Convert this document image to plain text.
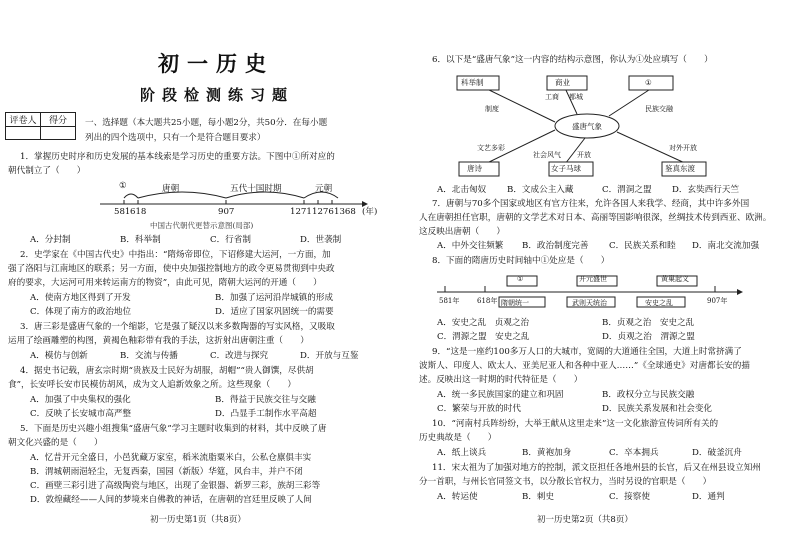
初一历史
阶段检测练习题
评卷人	得分
	一、选择题（本大题共25小题，每小题2分，共50分．在每小题
列出的四个选项中，只有一个是符合题目要求）
1．掌握历史时序和历史发展的基本线索是学习历史的重要方法。下图中①所对应的
朝代制立了（　　）
①	唐朝	五代十国时期	元朝
581 618	907	1271 1276 1368 (年)
中国古代朝代更替示意图(局部)
A．分封制	B．科举制	C．行省制	D．世袭制
2．史学家在《中国古代史》中指出：“隋炀帝即位，下诏修建大运河，一方面，加
强了洛阳与江南地区的联系；另一方面，使中央加强控制地方的政令更易贯彻到中央政
府的要求，大运河可用来转运南方的物资”，由此可见，隋朝大运河的开通（　　）
A．使南方地区得到了开发	B．加强了运河沿岸城镇的形成
C．体现了南方的政治地位	D．适应了国家巩固统一的需要
3．唐三彩是盛唐气象的一个缩影，它是强了疑汉以来多数陶器的写实风格，又吸取
运用了绘画雕塑的构图，黄褐色釉彩带有我的手法，这折射出唐朝注重（　　）
A．模仿与创新	B．交流与传播	C．改进与探究	D．开放与互鉴
4．据史书记载，唐玄宗时期“贵族及士民好为胡服，胡帽”“贵人御馔，尽供胡
食”，长安呼长安市民模仿胡风，成为文人追新效象之所。这些现象（　　）
A．加强了中央集权的强化	B．得益于民族交往与交融
C．反映了长安城市高严整	D．凸显手工制作水平高超
5．下面是历史兴趣小组搜集“盛唐气象”学习主题时收集到的材料，其中反映了唐
朝文化兴盛的是（　　）
A．忆昔开元全盛日，小邑犹藏万家室，稻米流脂粟米白，公私仓廪俱丰实
B．渭城朝雨浥轻尘，无复西秦，国园（新版）华筵，风台丰，并户不闭
C．画壁三彩引进了高级陶瓷与地区，出现了金银器、新罗三彩，族胡三彩等
D．敦煌藏经——人间的梦境来自佛教的神话，在唐朝的宫廷里反映了人间
初一历史第1页（共8页）
6．以下是“盛唐气象”这一内容的结构示意图，你认为①处应填写（　　）
盛唐气象
科举制	商业	①
唐诗	女子马球	鉴真东渡
制度
工商 都城
民族交融
文艺多彩
社会风气
对外开放
开放
A．北击匈奴 B．文成公主入藏	C．渭洞之盟 D．玄奘西行天竺
7．唐朝与70多个国家或地区有官方往来，允许各国人来我学、经商，其中许多外国
人在唐朝担任官职，唐朝的文学艺术对日本、高丽等国影响很深，丝绸技术传到西亚、欧洲。
这反映出唐朝（　　）
A．中外交往频繁 B．政治制度完善 C．民族关系和睦 D．南北交流加强
8．下面的隋唐历史时间轴中①处应是（　　）
581年	618年	907年
①	开元盛世	黄巢起义
隋朝统一	武则天统治	安史之乱
A．安史之乱　贞观之治	B．贞观之治　安史之乱
C．渭源之盟　安史之乱	D．贞观之治　渭源之盟
9．“这是一座约100多万人口的大城市，宽阔的大道通往全国，大道上时常挤满了
波斯人、印度人、欧太人、亚美尼亚人和各种中亚人……”《全球通史》对唐都长安的描
述。反映出这一时期的时代特征是（　　）
A．统一多民族国家的建立和巩固	B．政权分立与民族交融
C．繁荣与开放的时代	D．民族关系发展和社会变化
10．“河南村兵阵纷纷，大举王献从这里走来”这一文化旅游宣传词所有关的
历史典故是（　　）
A．纸上谈兵	B．黄袍加身	C．卒本拥兵	D．破釜沉舟
11．宋太祖为了加强对地方的控制，派文臣担任各地州县的长官，后又在州县设立知州
分一首职，与州长官同签文书，以分散长官权力，当时另设的官职是（　　）
A．转运使	B．刺史	C．接察使	D．通判
初一历史第2页（共8页）
